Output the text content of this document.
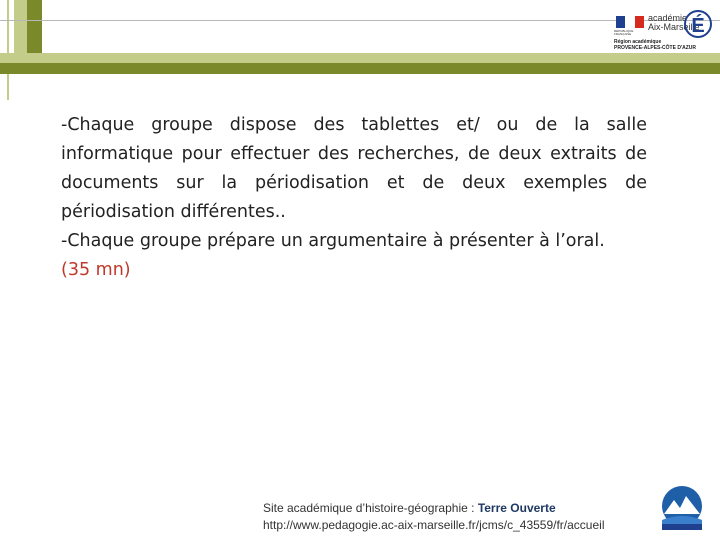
RÉPUBLIQUE FRANÇAISE
académie
Aix-Marseille
É
Région académique
PROVENCE-ALPES-CÔTE D'AZUR

-Chaque groupe dispose des tablettes et/ ou de la salle informatique pour effectuer des recherches, de deux extraits de documents sur la périodisation et de deux exemples de périodisation différentes..

-Chaque groupe prépare un argumentaire à présenter à l’oral.

(35 mn)

Site académique d’histoire-géographie : Terre Ouverte
http://www.pedagogie.ac-aix-marseille.fr/jcms/c_43559/fr/accueil
